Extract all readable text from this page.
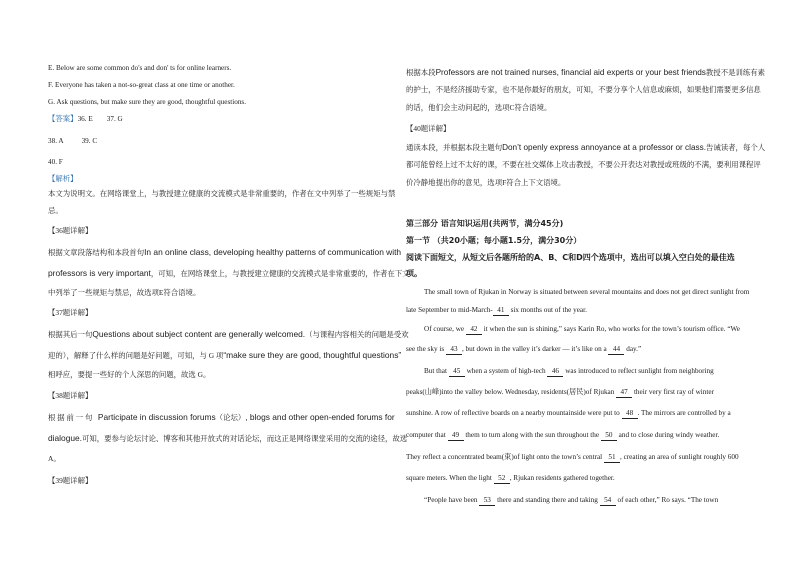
E. Below are some common do's and don' ts for online learners.
F. Everyone has taken a not-so-great class at one time or another.
G. Ask questions, but make sure they are good, thoughtful questions.
【答案】36. E 37. G
38. A	39. C
40. F
【解析】
本文为说明文。在网络课堂上，与教授建立健康的交流模式是非常重要的，作者在文中列举了一些规矩与禁
忌。
【36题详解】
根据文章段落结构和本段首句In an online class, developing healthy patterns of communication with
professors is very important，可知，在网络课堂上，与教授建立健康的交流模式是非常重要的，作者在下文
中列举了一些规矩与禁忌，故选项E符合语境。
【37题详解】
根据其后一句Questions about subject content are generally welcomed.（与课程内容相关的问题是受欢
迎的），解释了什么样的问题是好问题，可知，与 G 项“make sure they are good, thoughtful questions”
相呼应，要提一些好的个人深思的问题，故选 G。
【38题详解】
根 据 前 一 句 Participate in discussion forums（论坛）, blogs and other open-ended forums for
dialogue.可知，要参与论坛讨论、博客和其他开放式的对话论坛，而这正是网络课堂采用的交流的途径，故选
A。
【39题详解】
根据本段Professors are not trained nurses, financial aid experts or your best friends教授不是训练有素
的护士，不是经济援助专家，也不是你最好的朋友，可知，不要分享个人信息或麻烦，如果他们需要更多信息
的话，他们会主动问起的，选项C符合语境。
【40题详解】
通读本段，并根据本段主题句Don’t openly express annoyance at a professor or class.告诫读者，每个人
都可能曾经上过不太好的课，不要在社交媒体上攻击教授，不要公开表达对教授或班级的不满，要利用课程评
价冷静地提出你的意见，选项F符合上下文语境。
第三部分 语言知识运用(共两节，满分45分)
第一节 （共20小题；每小题1.5分，满分30分）
阅读下面短文，从短文后各题所给的A、B、C和D四个选项中，选出可以填入空白处的最佳选
项。
The small town of Rjukan in Norway is situated between several mountains and does not get direct sunlight from
late September to mid-March- 41 six months out of the year.
Of course, we 42 it when the sun is shining,” says Karin Ro, who works for the town’s tourism office. “We
see the sky is 43 , but down in the valley it’s darker — it’s like on a 44 day.”
But that 45 when a system of high-tech 46 was introduced to reflect sunlight from neighboring
peaks(山峰)into the valley below. Wednesday, residents(居民)of Rjukan 47 their very first ray of winter
sunshine. A row of reflective boards on a nearby mountainside were put to 48 . The mirrors are controlled by a
computer that 49 them to turn along with the sun throughout the 50 and to close during windy weather.
They reflect a concentrated beam(束)of light onto the town’s central 51 , creating an area of sunlight roughly 600
square meters. When the light 52 , Rjukan residents gathered together.
“People have been 53 there and standing there and taking 54 of each other,” Ro says. “The town
